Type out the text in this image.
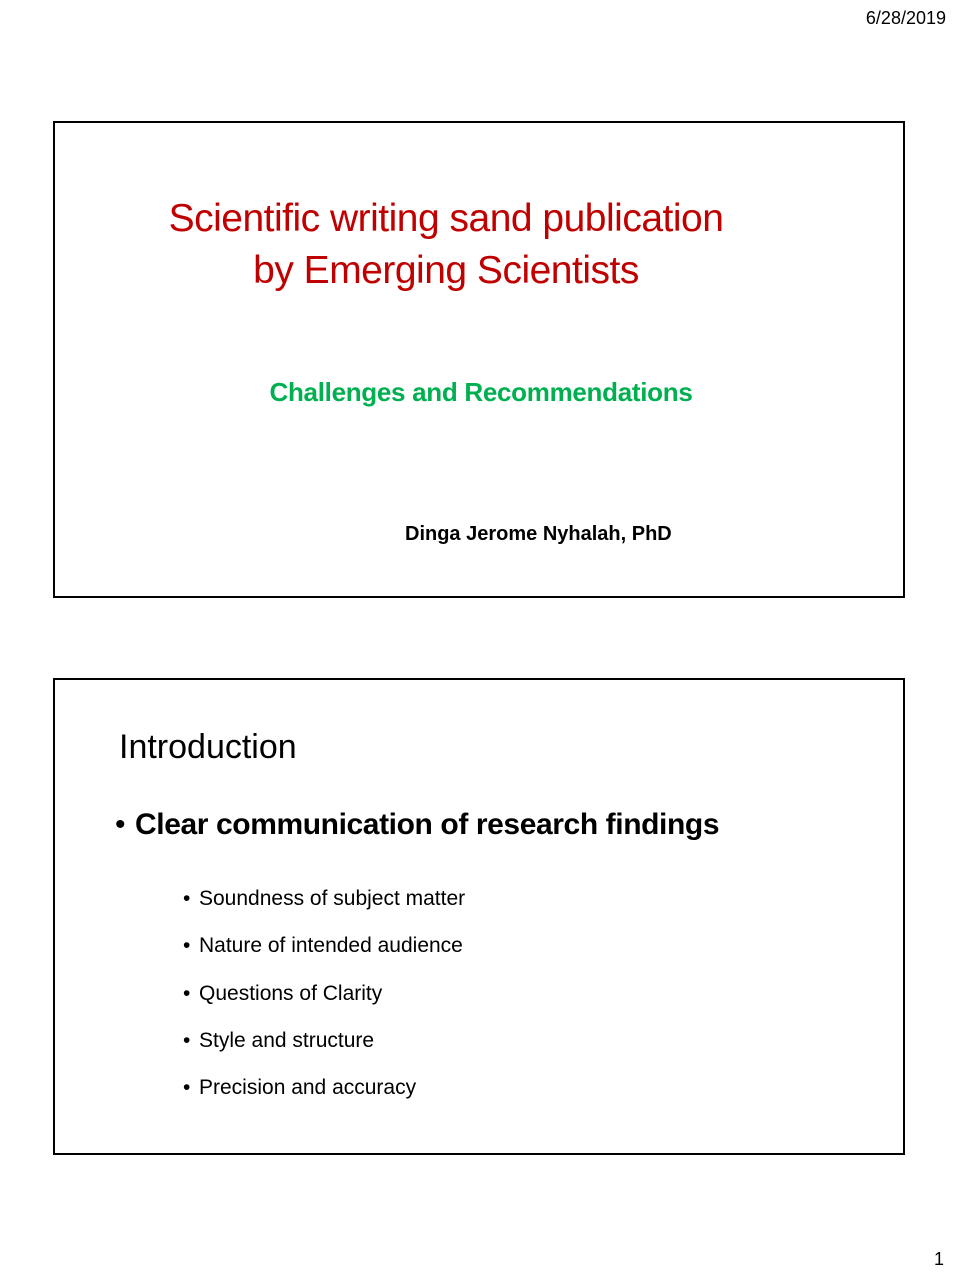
6/28/2019
Scientific writing sand publication
by Emerging Scientists
Challenges and Recommendations
Dinga Jerome Nyhalah, PhD
Introduction
• Clear communication of research findings
• Soundness of subject matter
• Nature of intended audience
• Questions of Clarity
• Style and structure
• Precision and accuracy
1
